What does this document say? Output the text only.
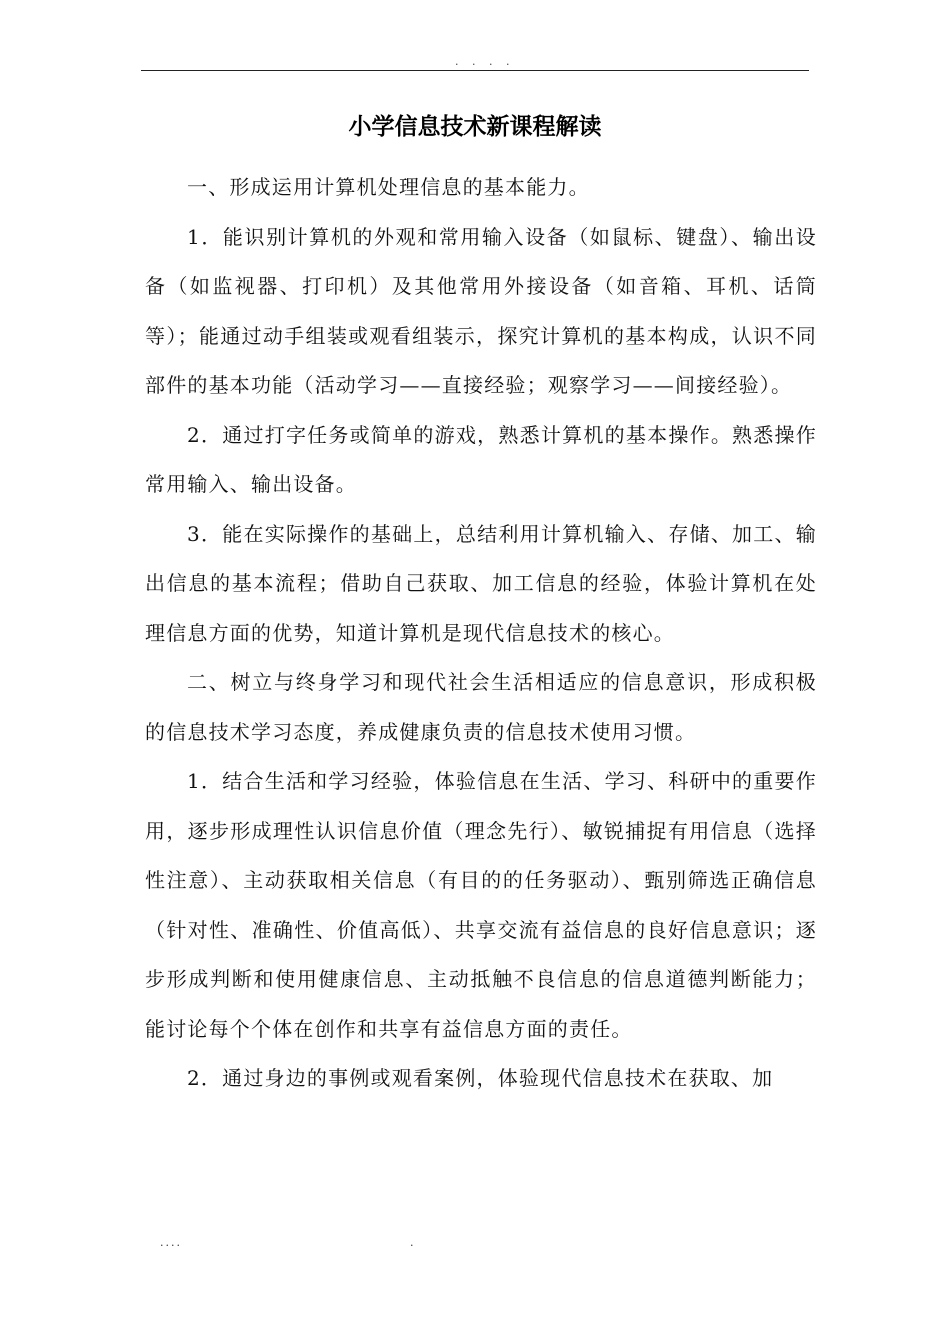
. . . .
小学信息技术新课程解读

一、形成运用计算机处理信息的基本能力。

1．能识别计算机的外观和常用输入设备（如鼠标、键盘）、输出设备（如监视器、打印机）及其他常用外接设备（如音箱、耳机、话筒等）；能通过动手组装或观看组装示，探究计算机的基本构成，认识不同部件的基本功能（活动学习——直接经验；观察学习——间接经验）。

2．通过打字任务或简单的游戏，熟悉计算机的基本操作。熟悉操作常用输入、输出设备。

3．能在实际操作的基础上，总结利用计算机输入、存储、加工、输出信息的基本流程；借助自己获取、加工信息的经验，体验计算机在处理信息方面的优势，知道计算机是现代信息技术的核心。

二、树立与终身学习和现代社会生活相适应的信息意识，形成积极的信息技术学习态度，养成健康负责的信息技术使用习惯。

1．结合生活和学习经验，体验信息在生活、学习、科研中的重要作用，逐步形成理性认识信息价值（理念先行）、敏锐捕捉有用信息（选择性注意）、主动获取相关信息（有目的的任务驱动）、甄别筛选正确信息（针对性、准确性、价值高低）、共享交流有益信息的良好信息意识；逐步形成判断和使用健康信息、主动抵触不良信息的信息道德判断能力；能讨论每个个体在创作和共享有益信息方面的责任。

2．通过身边的事例或观看案例，体验现代信息技术在获取、加

....	.
